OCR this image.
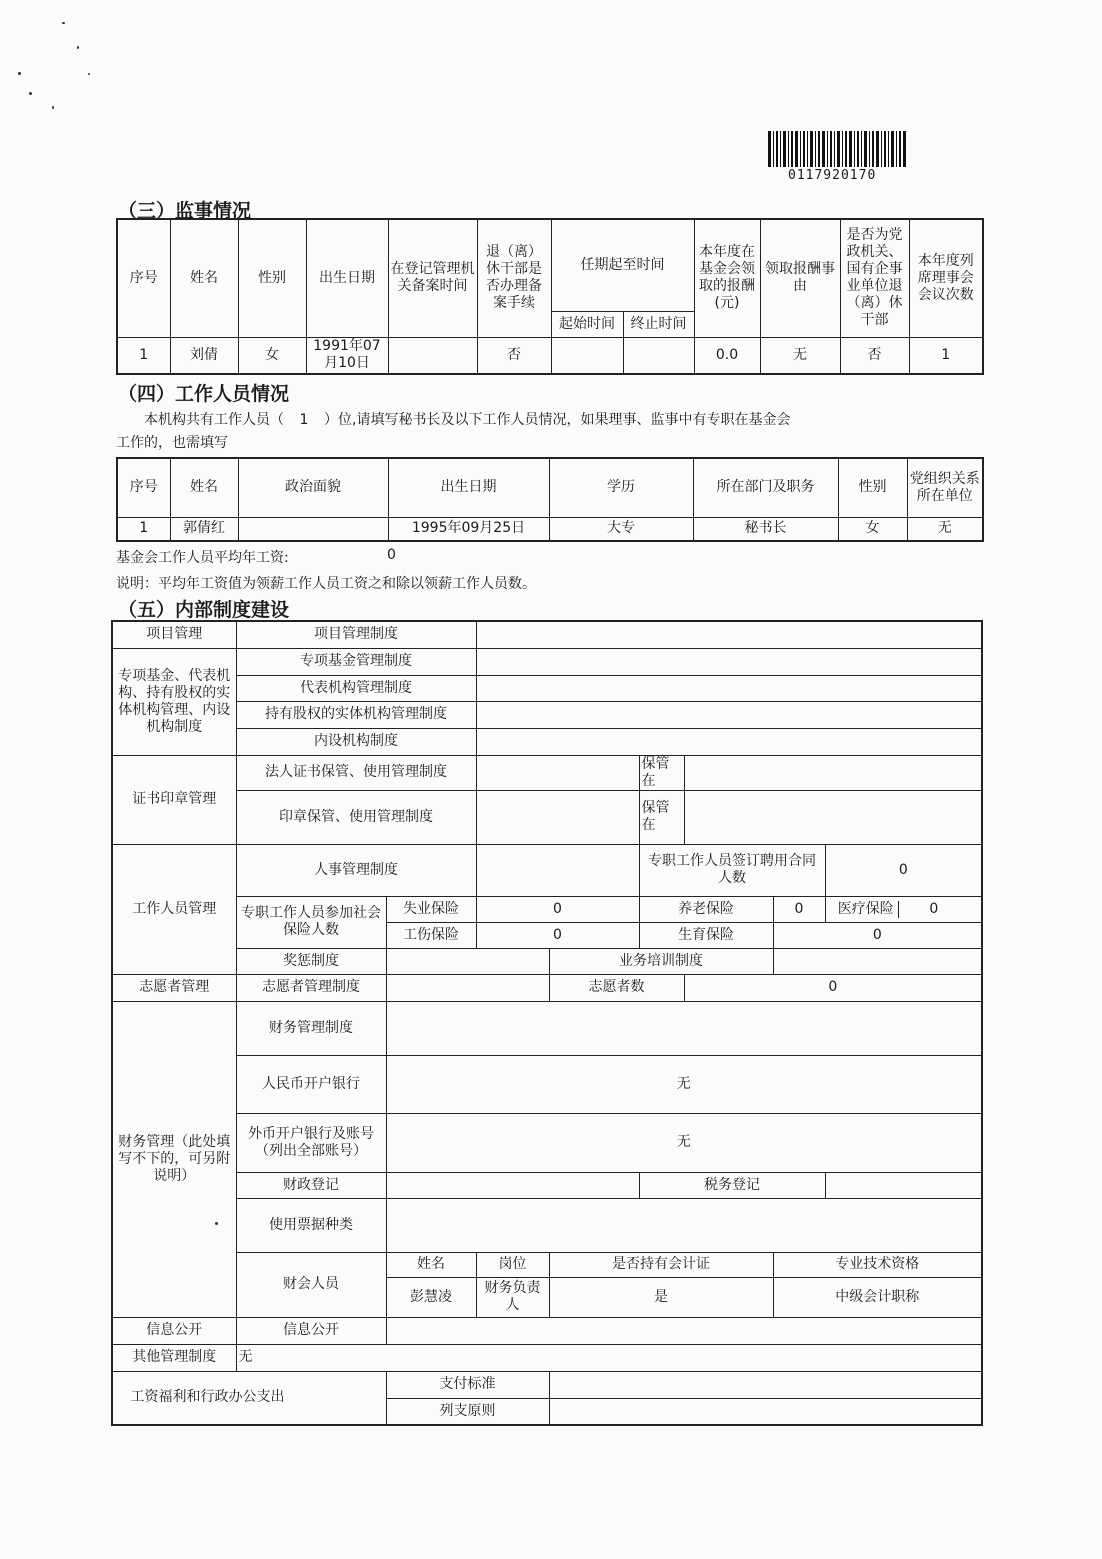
0117920170
（三）监事情况
序号	姓名	性别	出生日期	在登记管理机关备案时间	退（离）休干部是否办理备案手续	任期起至时间		本年度在基金会领取的报酬(元)	领取报酬事由	是否为党政机关、国有企事业单位退（离）休干部	本年度列席理事会会议次数
						起始时间	终止时间				
1	刘倩	女	1991年07月10日		否			0.0	无	否	1
（四）工作人员情况
本机构共有工作人员（ 1 ）位,请填写秘书长及以下工作人员情况，如果理事、监事中有专职在基金会
工作的，也需填写
序号	姓名	政治面貌	出生日期	学历	所在部门及职务	性别	党组织关系所在单位
1	郭倩红		1995年09月25日	大专	秘书长	女	无
基金会工作人员平均年工资:	0
说明：平均年工资值为领薪工作人员工资之和除以领薪工作人员数。
（五）内部制度建设
项目管理	项目管理制度							
专项基金、代表机构、持有股权的实体机构管理、内设机构制度	专项基金管理制度							
	代表机构管理制度							
	持有股权的实体机构管理制度							
	内设机构制度							
证书印章管理	法人证书保管、使用管理制度				保管在			
	印章保管、使用管理制度				保管在			
工作人员管理	人事管理制度				专职工作人员签订聘用合同人数			0
	专职工作人员参加社会保险人数	失业保险	0		养老保险		0	医疗保险 0
		工伤保险	0		生育保险		0	
	奖惩制度			业务培训制度				
志愿者管理	志愿者管理制度			志愿者数		0		
财务管理（此处填写不下的，可另附说明）	财务管理制度							
	人民币开户银行	无						
	外币开户银行及账号（列出全部账号）	无						
	财政登记				税务登记			
	使用票据种类							
	财会人员	姓名	岗位	是否持有会计证			专业技术资格	
		彭慧凌	财务负责人	是			中级会计职称	
信息公开	信息公开							
其他管理制度	无							
工资福利和行政办公支出		支付标准						
		列支原则						
